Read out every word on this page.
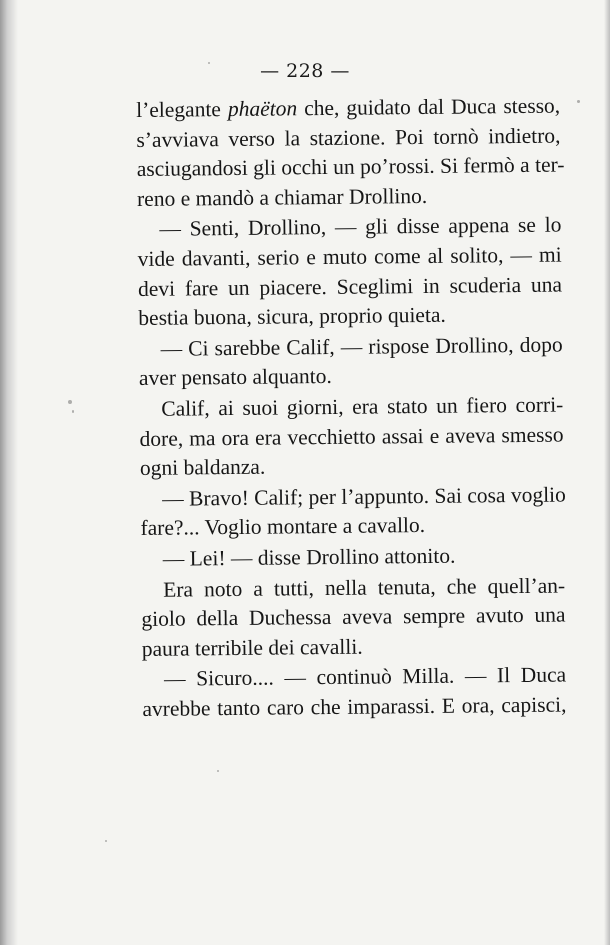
— 228 —
l’elegante phaëton che, guidato dal Duca stesso,
s’avviava verso la stazione. Poi tornò indietro,
asciugandosi gli occhi un po’rossi. Si fermò a ter-
reno e mandò a chiamar Drollino.
— Senti, Drollino, — gli disse appena se lo
vide davanti, serio e muto come al solito, — mi
devi fare un piacere. Sceglimi in scuderia una
bestia buona, sicura, proprio quieta.
— Ci sarebbe Calif, — rispose Drollino, dopo
aver pensato alquanto.
Calif, ai suoi giorni, era stato un fiero corri-
dore, ma ora era vecchietto assai e aveva smesso
ogni baldanza.
— Bravo! Calif; per l’appunto. Sai cosa voglio
fare?... Voglio montare a cavallo.
— Lei! — disse Drollino attonito.
Era noto a tutti, nella tenuta, che quell’an-
giolo della Duchessa aveva sempre avuto una
paura terribile dei cavalli.
— Sicuro.... — continuò Milla. — Il Duca
avrebbe tanto caro che imparassi. E ora, capisci,
